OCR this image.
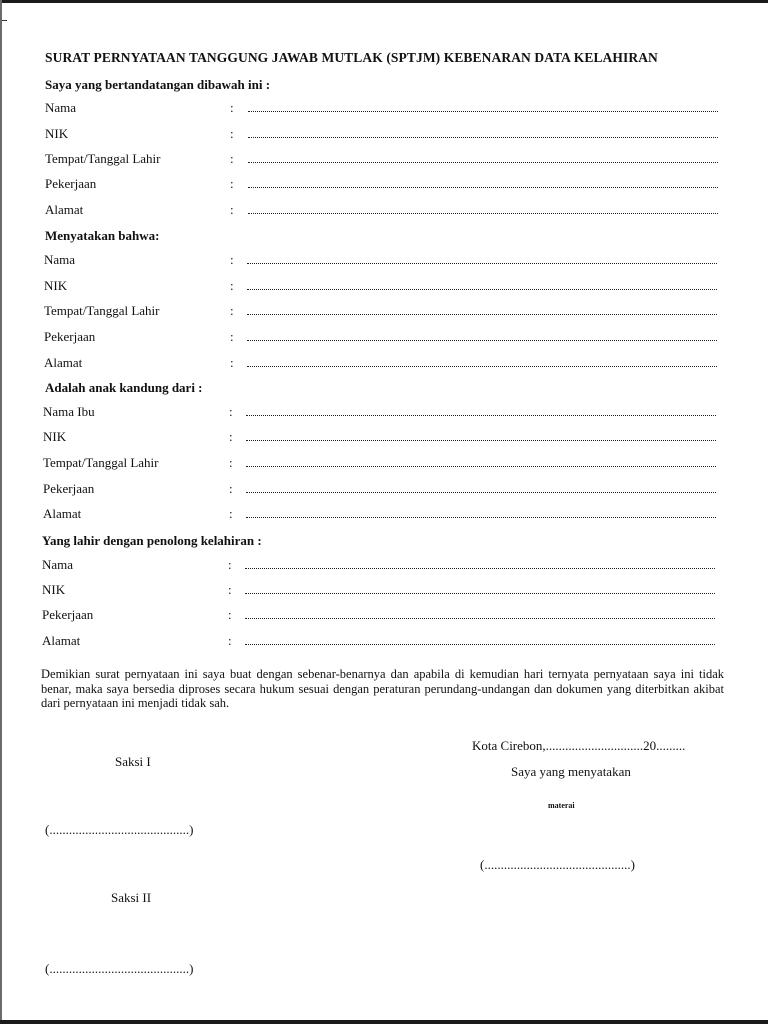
SURAT PERNYATAAN TANGGUNG JAWAB MUTLAK (SPTJM) KEBENARAN DATA KELAHIRAN
Saya yang bertandatangan dibawah ini :
Nama	:
NIK	:
Tempat/Tanggal Lahir	:
Pekerjaan	:
Alamat	:
Menyatakan bahwa:
Nama	:
NIK	:
Tempat/Tanggal Lahir	:
Pekerjaan	:
Alamat	:
Adalah anak kandung dari :
Nama Ibu	:
NIK	:
Tempat/Tanggal Lahir	:
Pekerjaan	:
Alamat	:
Yang lahir dengan penolong kelahiran :
Nama	:
NIK	:
Pekerjaan	:
Alamat	:
Demikian surat pernyataan ini saya buat dengan sebenar-benarnya dan apabila di kemudian hari ternyata pernyataan saya ini tidak benar, maka saya bersedia diproses secara hukum sesuai dengan peraturan perundang-undangan dan dokumen yang diterbitkan akibat dari pernyataan ini menjadi tidak sah.
Kota Cirebon,..............................20.........
Saksi I
Saya yang menyatakan
materai
(...........................................)
(.............................................)
Saksi II
(...........................................)
